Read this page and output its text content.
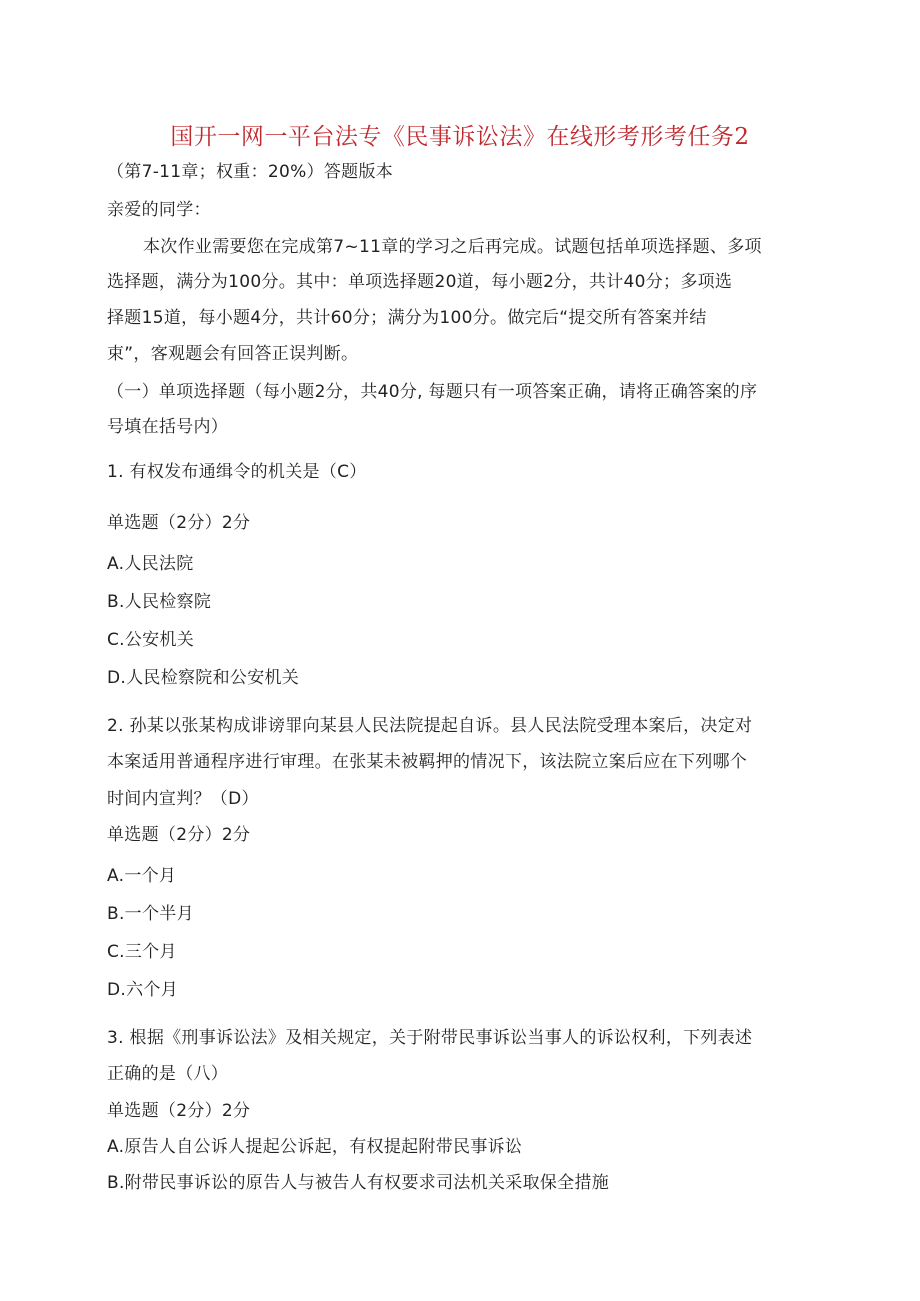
国开一网一平台法专《民事诉讼法》在线形考形考任务2
（第7-11章；权重：20%）答题版本
亲爱的同学：
本次作业需要您在完成第7~11章的学习之后再完成。试题包括单项选择题、多项
选择题，满分为100分。其中：单项选择题20道，每小题2分，共计40分；多项选
择题15道，每小题4分，共计60分；满分为100分。做完后“提交所有答案并结
束”，客观题会有回答正误判断。
（一）单项选择题（每小题2分，共40分, 每题只有一项答案正确，请将正确答案的序
号填在括号内）
1. 有权发布通缉令的机关是（C）
单选题（2分）2分
A.人民法院
B.人民检察院
C.公安机关
D.人民检察院和公安机关
2. 孙某以张某构成诽谤罪向某县人民法院提起自诉。县人民法院受理本案后，决定对
本案适用普通程序进行审理。在张某未被羁押的情况下，该法院立案后应在下列哪个
时间内宣判？（D）
单选题（2分）2分
A.一个月
B.一个半月
C.三个月
D.六个月
3. 根据《刑事诉讼法》及相关规定，关于附带民事诉讼当事人的诉讼权利，下列表述
正确的是（八）
单选题（2分）2分
A.原告人自公诉人提起公诉起，有权提起附带民事诉讼
B.附带民事诉讼的原告人与被告人有权要求司法机关采取保全措施
